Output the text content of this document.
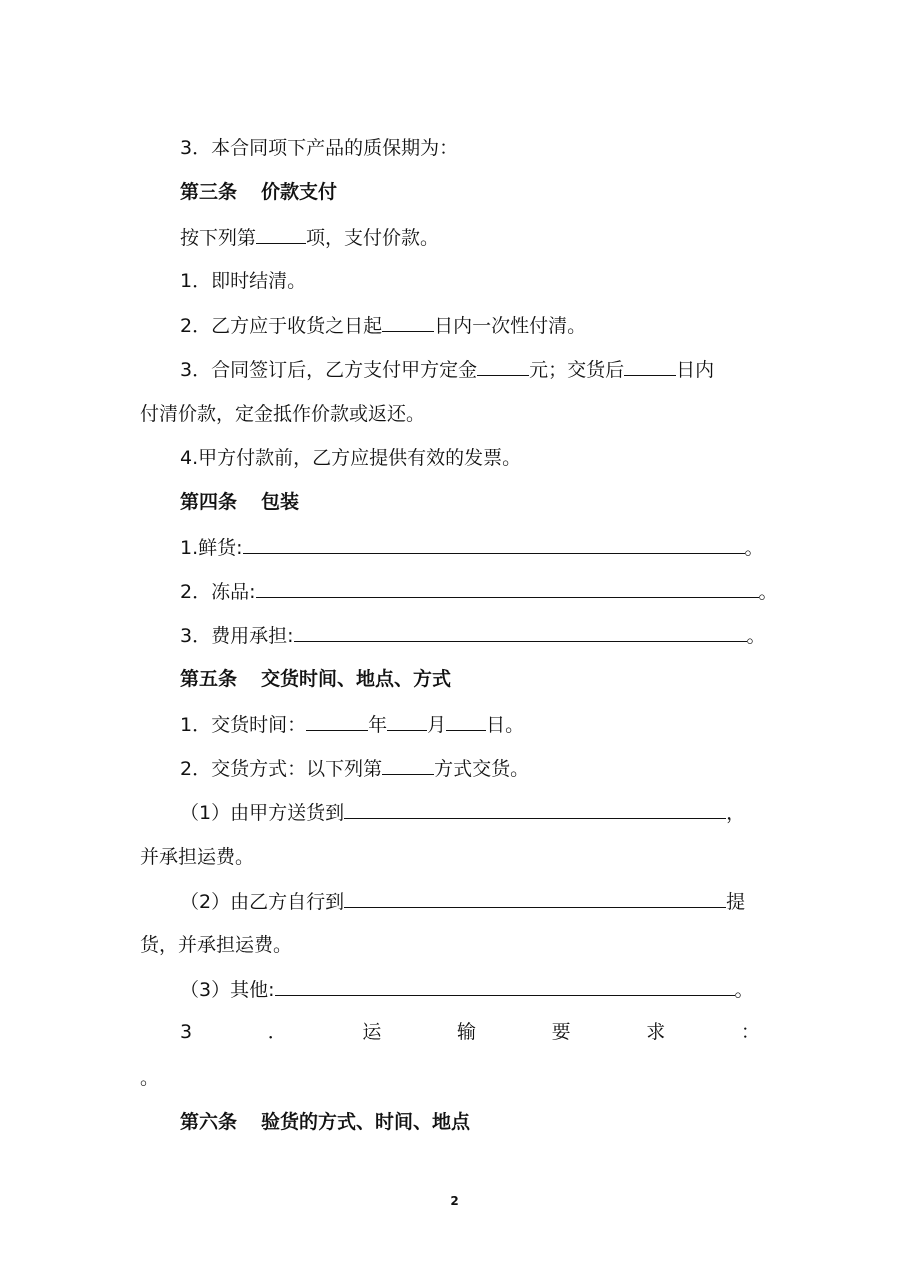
3．本合同项下产品的质保期为：
第三条 价款支付
按下列第	项，支付价款。
1．即时结清。
2．乙方应于收货之日起	日内一次性付清。
3．合同签订后，乙方支付甲方定金	元；交货后	日内
付清价款，定金抵作价款或返还。
4.甲方付款前，乙方应提供有效的发票。
第四条 包装
1.鲜货:	。
2．冻品:	。
3．费用承担:	。
第五条 交货时间、地点、方式
1．交货时间：	年 月 日。
2．交货方式：以下列第	方式交货。
（1）由甲方送货到	，
并承担运费。
（2）由乙方自行到	提
货，并承担运费。
（3）其他:	。
3	．	运	输	要	求	：
。
第六条 验货的方式、时间、地点
2
